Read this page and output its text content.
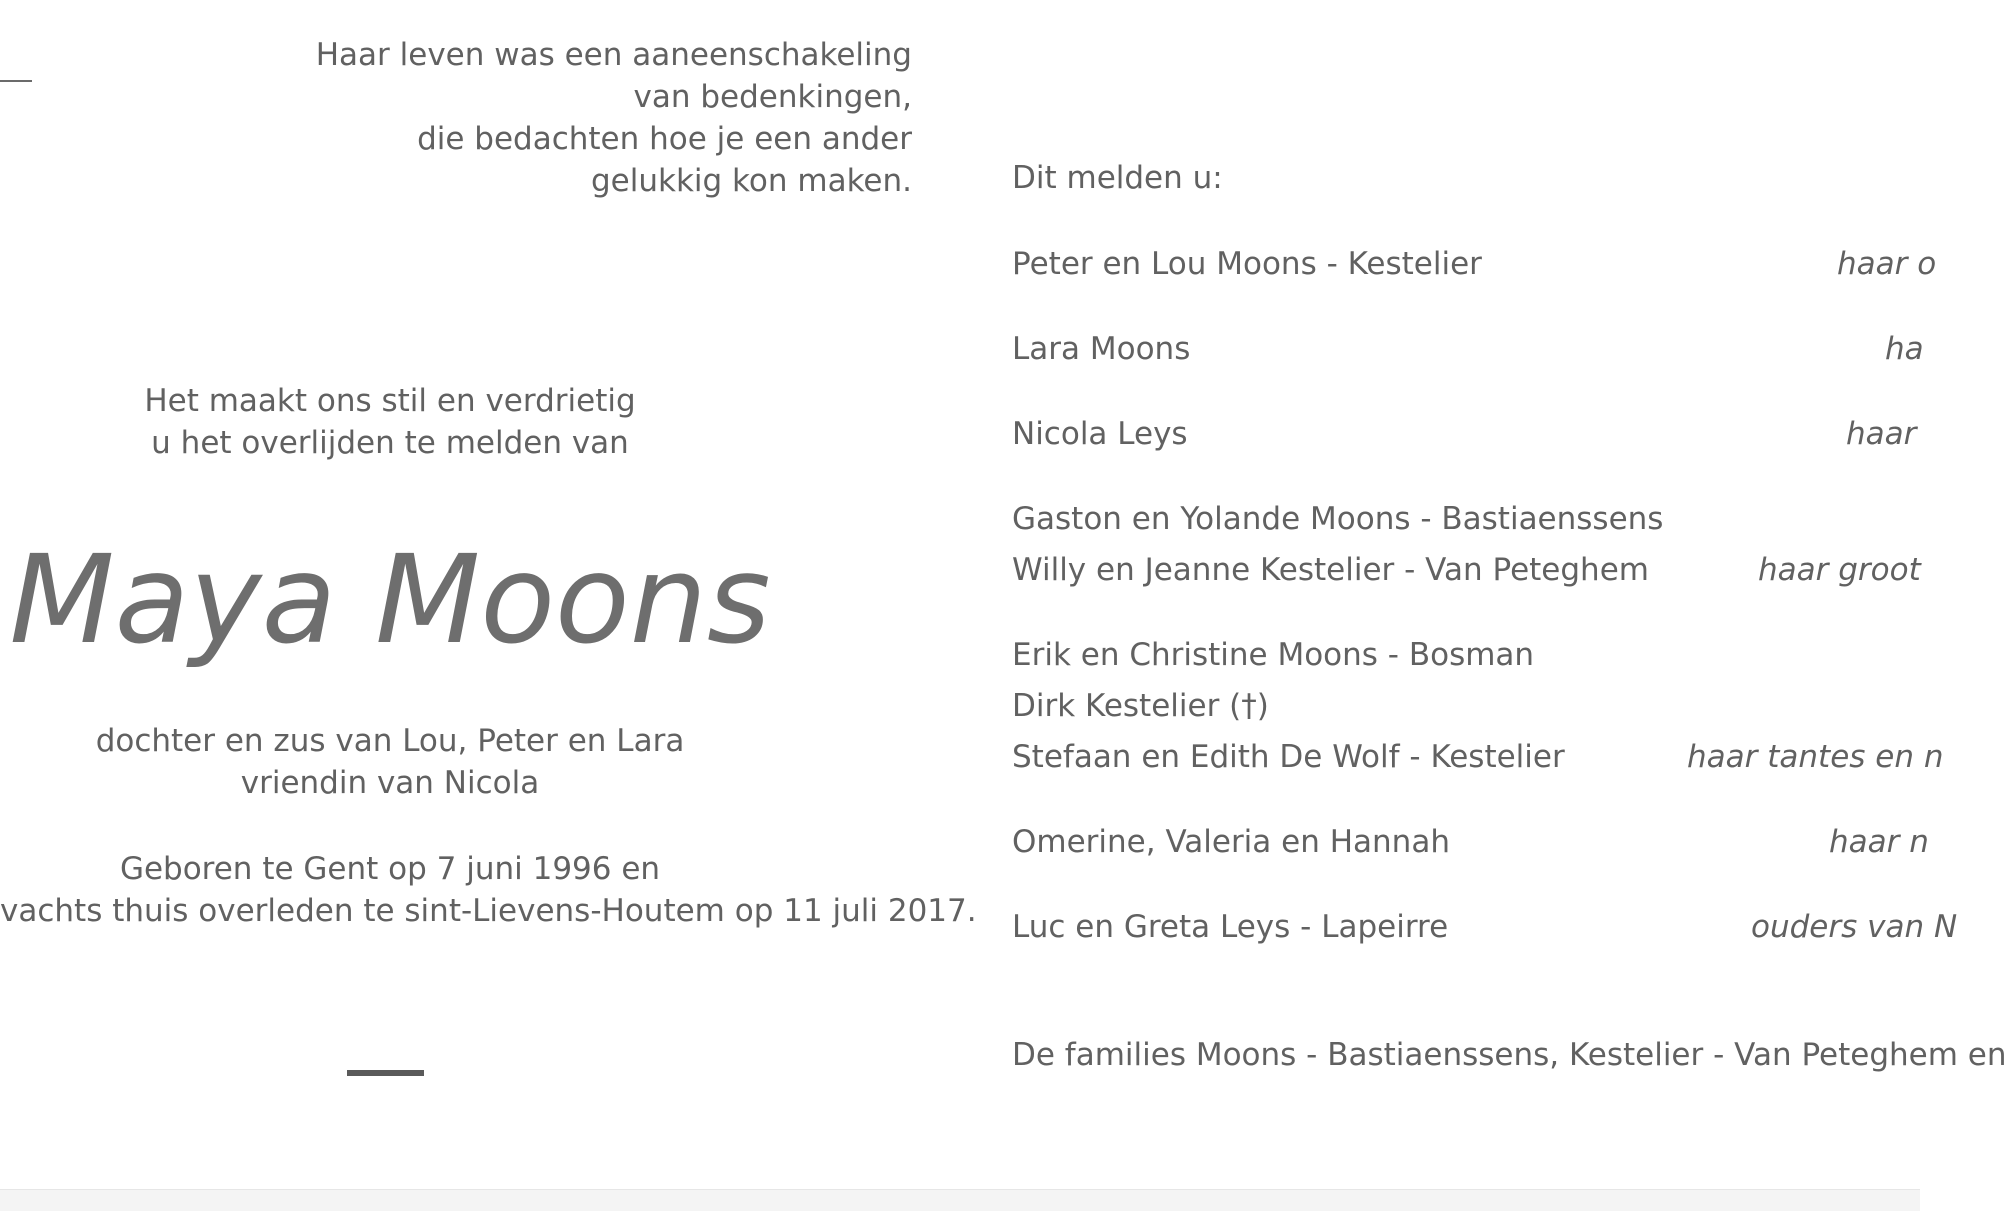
Haar leven was een aaneenschakeling
van bedenkingen,
die bedachten hoe je een ander
gelukkig kon maken.
Het maakt ons stil en verdrietig
u het overlijden te melden van
Maya Moons
dochter en zus van Lou, Peter en Lara
vriendin van Nicola
Geboren te Gent op 7 juni 1996 en
vachts thuis overleden te sint-Lievens-Houtem op 11 juli 2017.
Dit melden u:
Peter en Lou Moons - Kestelier	haar o
Lara Moons	ha
Nicola Leys	haar
Gaston en Yolande Moons - Bastiaenssens
Willy en Jeanne Kestelier - Van Peteghem	haar groot
Erik en Christine Moons - Bosman
Dirk Kestelier (†)
Stefaan en Edith De Wolf - Kestelier	haar tantes en n
Omerine, Valeria en Hannah	haar n
Luc en Greta Leys - Lapeirre	ouders van N
De families Moons - Bastiaenssens, Kestelier - Van Peteghem en
